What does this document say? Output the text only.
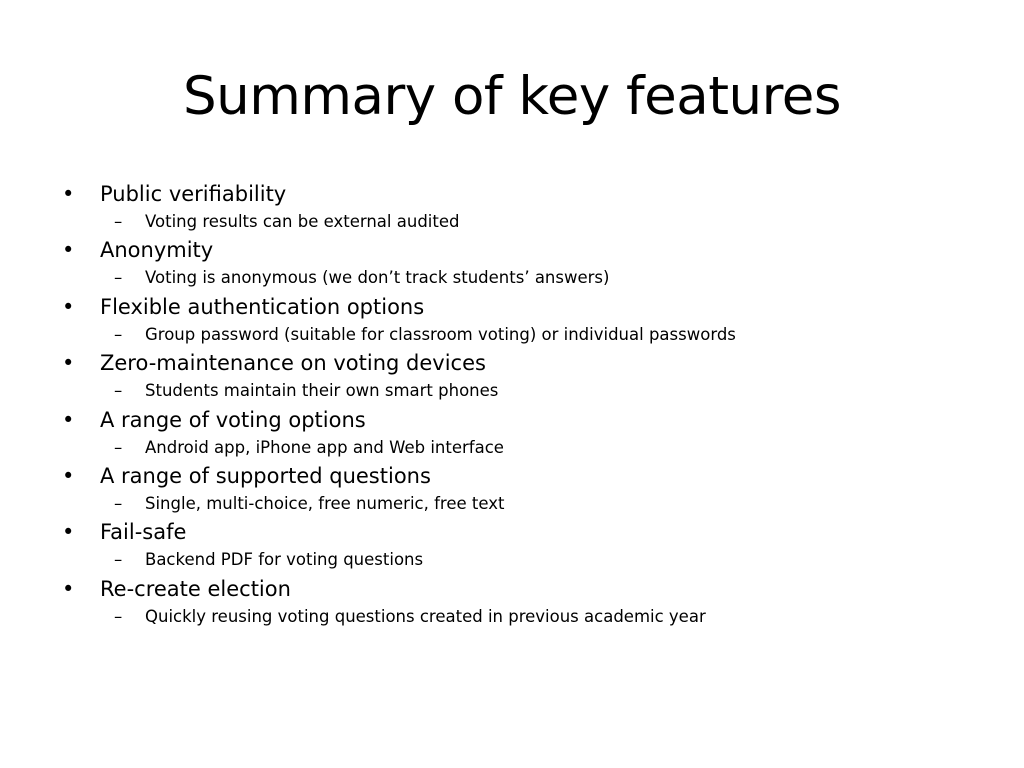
Summary of key features
•	Public verifiability
– Voting results can be external audited
•	Anonymity
– Voting is anonymous (we don’t track students’ answers)
•	Flexible authentication options
– Group password (suitable for classroom voting) or individual passwords
•	Zero-maintenance on voting devices
– Students maintain their own smart phones
•	A range of voting options
– Android app, iPhone app and Web interface
•	A range of supported questions
– Single, multi-choice, free numeric, free text
•	Fail-safe
– Backend PDF for voting questions
•	Re-create election
– Quickly reusing voting questions created in previous academic year
